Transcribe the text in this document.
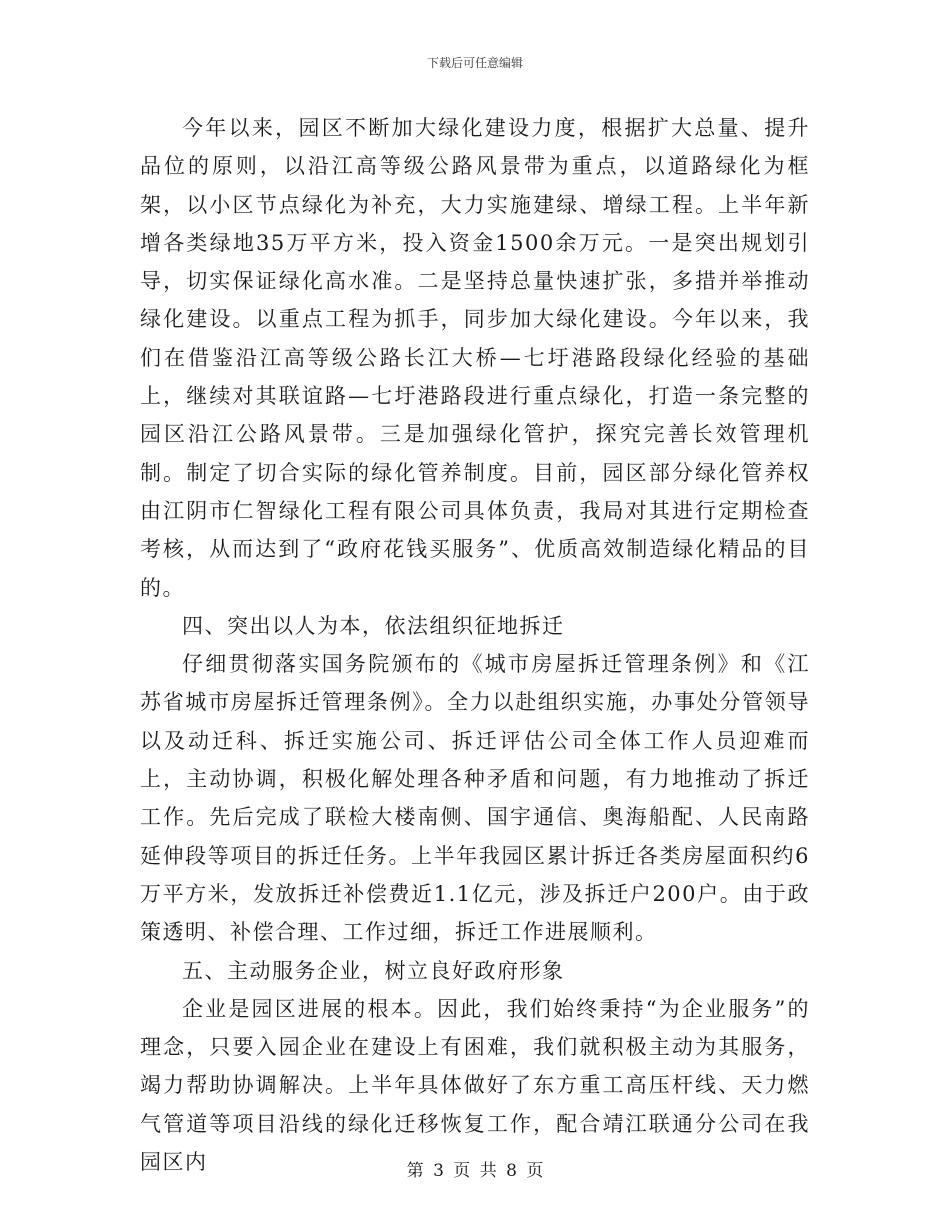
下载后可任意编辑

今年以来，园区不断加大绿化建设力度，根据扩大总量、提升品位的原则，以沿江高等级公路风景带为重点，以道路绿化为框架，以小区节点绿化为补充，大力实施建绿、增绿工程。上半年新增各类绿地35万平方米，投入资金1500余万元。一是突出规划引导，切实保证绿化高水准。二是坚持总量快速扩张，多措并举推动绿化建设。以重点工程为抓手，同步加大绿化建设。今年以来，我们在借鉴沿江高等级公路长江大桥—七圩港路段绿化经验的基础上，继续对其联谊路—七圩港路段进行重点绿化，打造一条完整的园区沿江公路风景带。三是加强绿化管护，探究完善长效管理机制。制定了切合实际的绿化管养制度。目前，园区部分绿化管养权由江阴市仁智绿化工程有限公司具体负责，我局对其进行定期检查考核，从而达到了“政府花钱买服务”、优质高效制造绿化精品的目的。

四、突出以人为本，依法组织征地拆迁

仔细贯彻落实国务院颁布的《城市房屋拆迁管理条例》和《江苏省城市房屋拆迁管理条例》。全力以赴组织实施，办事处分管领导以及动迁科、拆迁实施公司、拆迁评估公司全体工作人员迎难而上，主动协调，积极化解处理各种矛盾和问题，有力地推动了拆迁工作。先后完成了联检大楼南侧、国宇通信、奥海船配、人民南路延伸段等项目的拆迁任务。上半年我园区累计拆迁各类房屋面积约6万平方米，发放拆迁补偿费近1.1亿元，涉及拆迁户200户。由于政策透明、补偿合理、工作过细，拆迁工作进展顺利。

五、主动服务企业，树立良好政府形象

企业是园区进展的根本。因此，我们始终秉持“为企业服务”的理念，只要入园企业在建设上有困难，我们就积极主动为其服务，竭力帮助协调解决。上半年具体做好了东方重工高压杆线、天力燃气管道等项目沿线的绿化迁移恢复工作，配合靖江联通分公司在我园区内	第 3 页 共 8 页
